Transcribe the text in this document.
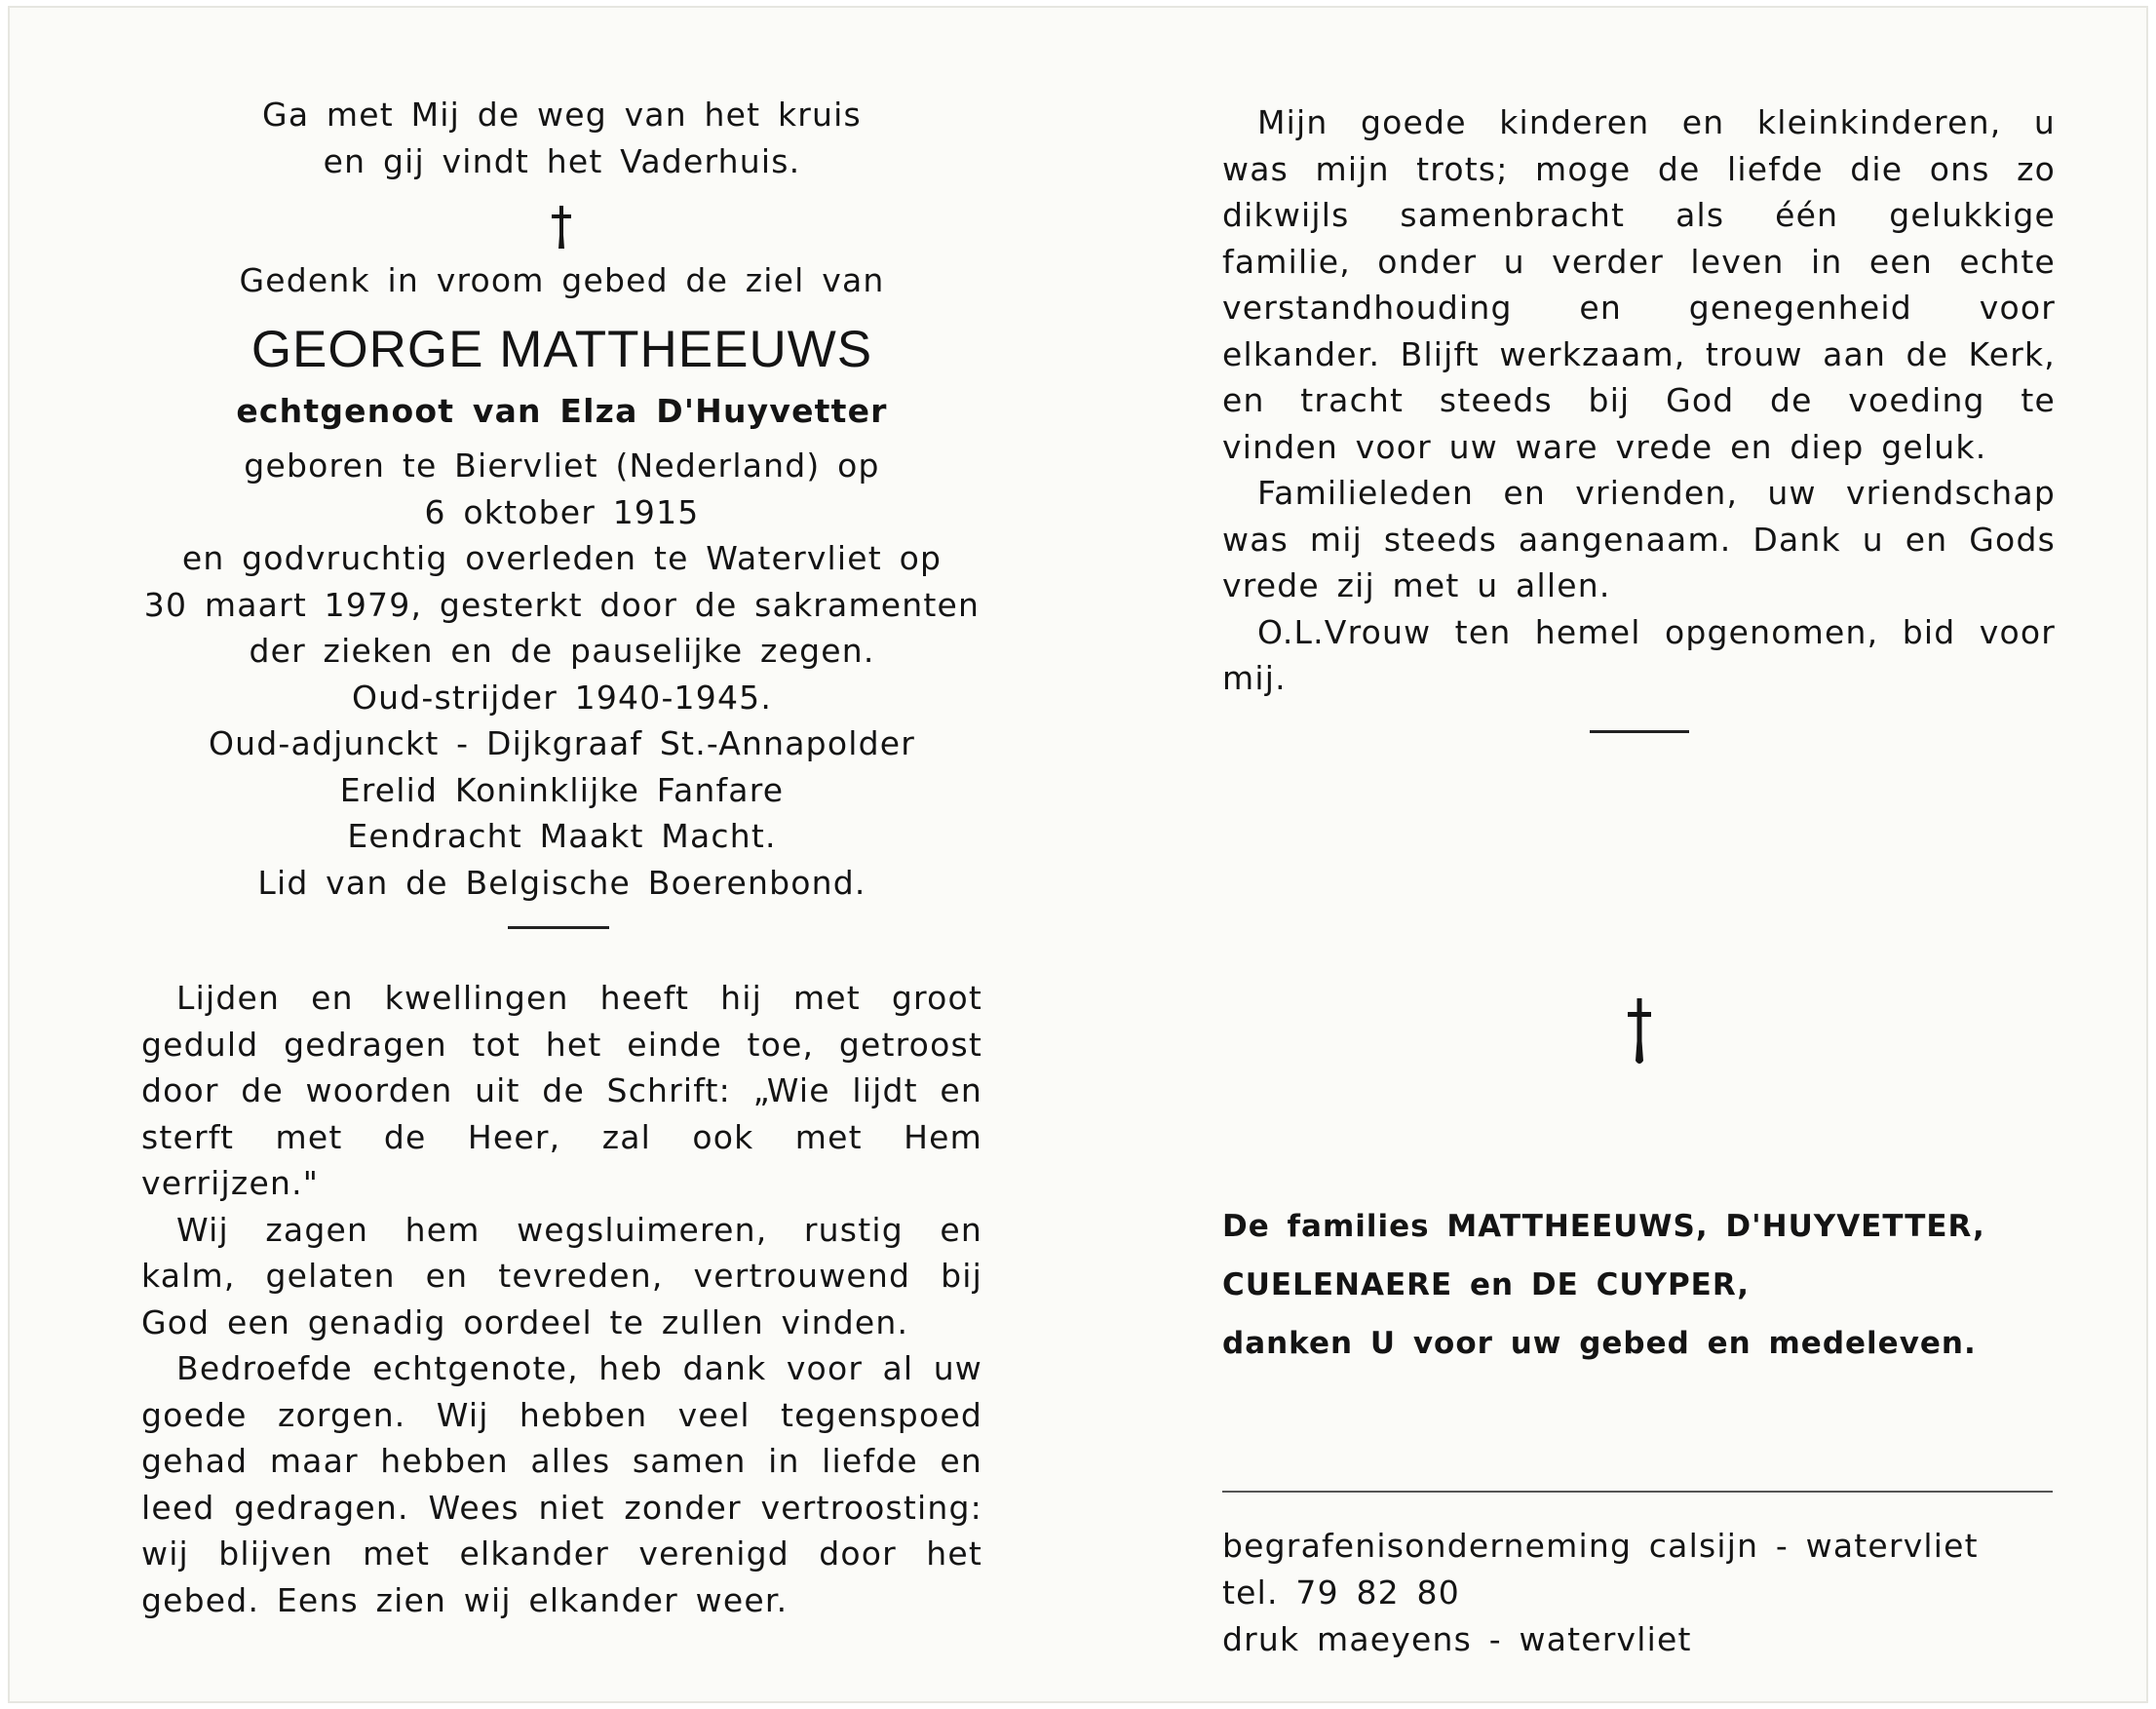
Ga met Mij de weg van het kruis
en gij vindt het Vaderhuis.
Gedenk in vroom gebed de ziel van
GEORGE MATTHEEUWS
echtgenoot van Elza D'Huyvetter
geboren te Biervliet (Nederland) op
6 oktober 1915
en godvruchtig overleden te Watervliet op
30 maart 1979, gesterkt door de sakramenten
der zieken en de pauselijke zegen.
Oud-strijder 1940-1945.
Oud-adjunckt - Dijkgraaf St.-Annapolder
Erelid Koninklijke Fanfare
Eendracht Maakt Macht.
Lid van de Belgische Boerenbond.

Lijden en kwellingen heeft hij met groot geduld gedragen tot het einde toe, getroost door de woorden uit de Schrift: „Wie lijdt en sterft met de Heer, zal ook met Hem verrijzen."

Wij zagen hem wegsluimeren, rustig en kalm, gelaten en tevreden, vertrouwend bij God een genadig oordeel te zullen vinden.

Bedroefde echtgenote, heb dank voor al uw goede zorgen. Wij hebben veel tegenspoed gehad maar hebben alles samen in liefde en leed gedragen. Wees niet zonder vertroosting: wij blijven met elkander verenigd door het gebed. Eens zien wij elkander weer.

Mijn goede kinderen en kleinkinderen, u was mijn trots; moge de liefde die ons zo dikwijls samenbracht als één gelukkige familie, onder u verder leven in een echte verstandhouding en genegenheid voor elkander. Blijft werkzaam, trouw aan de Kerk, en tracht steeds bij God de voeding te vinden voor uw ware vrede en diep geluk.

Familieleden en vrienden, uw vriendschap was mij steeds aangenaam. Dank u en Gods vrede zij met u allen.

O.L.Vrouw ten hemel opgenomen, bid voor mij.

De families MATTHEEUWS, D'HUYVETTER,
CUELENAERE en DE CUYPER,
danken U voor uw gebed en medeleven.
begrafenisonderneming calsijn - watervliet
tel. 79 82 80
druk maeyens - watervliet
